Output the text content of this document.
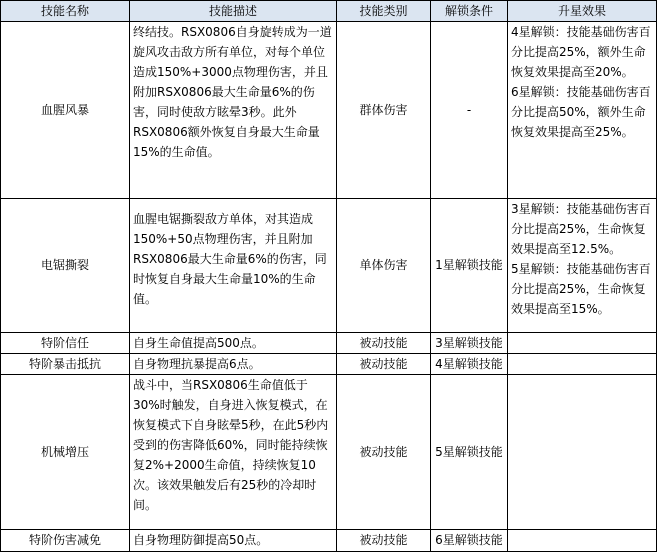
技能名称	技能描述	技能类别	解锁条件	升星效果
血腥风暴	终结技。RSX0806自身旋转成为一道旋风攻击敌方所有单位，对每个单位造成150%+3000点物理伤害，并且附加RSX0806最大生命量6%的伤害，同时使敌方眩晕3秒。此外RSX0806额外恢复自身最大生命量15%的生命值。	群体伤害	-	4星解锁：技能基础伤害百分比提高25%，额外生命恢复效果提高至20%。
6星解锁：技能基础伤害百分比提高50%，额外生命恢复效果提高至25%。

电锯撕裂	血腥电锯撕裂敌方单体，对其造成150%+50点物理伤害，并且附加RSX0806最大生命量6%的伤害，同时恢复自身最大生命量10%的生命值。	单体伤害	1星解锁技能	3星解锁：技能基础伤害百分比提高25%，生命恢复效果提高至12.5%。
5星解锁：技能基础伤害百分比提高25%，生命恢复效果提高至15%。

特阶信任	自身生命值提高500点。	被动技能	3星解锁技能	
特阶暴击抵抗	自身物理抗暴提高6点。	被动技能	4星解锁技能	
机械增压	战斗中，当RSX0806生命值低于30%时触发，自身进入恢复模式，在恢复模式下自身眩晕5秒，在此5秒内受到的伤害降低60%，同时能持续恢复2%+2000生命值，持续恢复10次。该效果触发后有25秒的冷却时间。	被动技能	5星解锁技能	
特阶伤害减免	自身物理防御提高50点。	被动技能	6星解锁技能	
